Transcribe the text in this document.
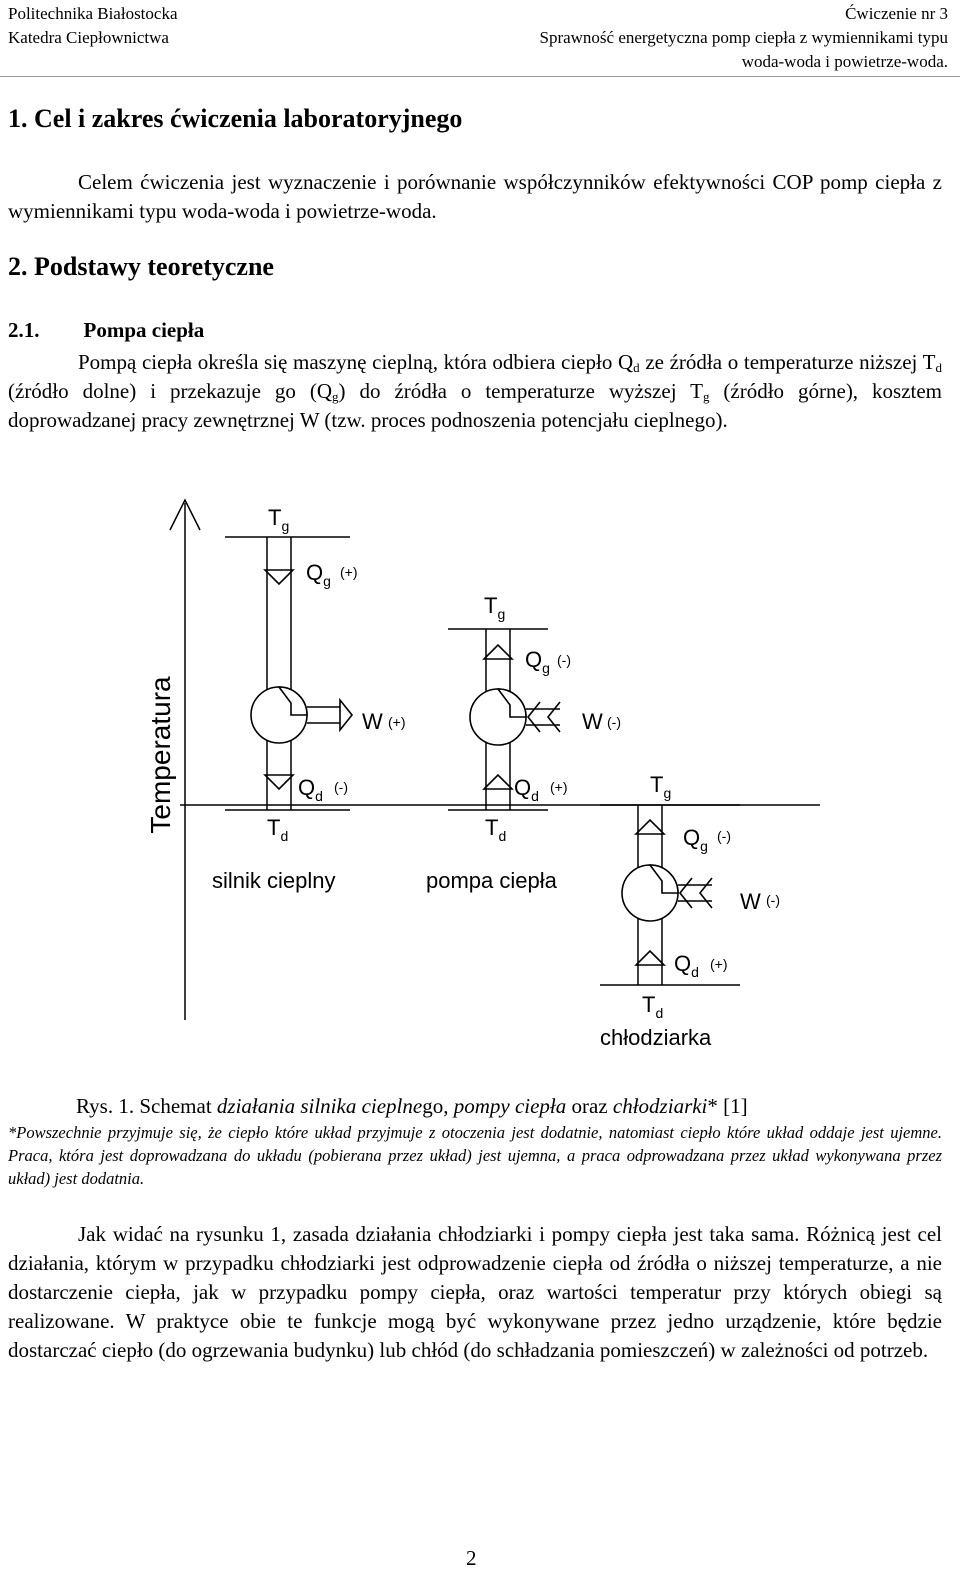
Politechnika Białostocka
Katedra Ciepłownictwa
Ćwiczenie nr 3
Sprawność energetyczna pomp ciepła z wymiennikami typu
woda-woda i powietrze-woda.
1. Cel i zakres ćwiczenia laboratoryjnego
Celem ćwiczenia jest wyznaczenie i porównanie współczynników efektywności COP pomp ciepła z wymiennikami typu woda-woda i powietrze-woda.
2. Podstawy teoretyczne
2.1. Pompa ciepła
Pompą ciepła określa się maszynę cieplną, która odbiera ciepło $Q_d$ ze źródła o temperaturze niższej $T_d$ (źródło dolne) i przekazuje go $(Q_g)$ do źródła o temperaturze wyższej $T_g$ (źródło górne), kosztem doprowadzanej pracy zewnętrznej W (tzw. proces podnoszenia potencjału cieplnego).
Temperatura
$T_g$
$Q_g$
(+)
W (+)
$Q_d$
(-)
$T_d$
silnik cieplny
$T_g$
$Q_g$ (-)
W (-)
$Q_d$
(+)
$T_d$
pompa ciepła
$T_g$
$Q_g$
(-)
W (-)
$Q_d$ (+)
$T_d$
chłodziarka
Rys. 1. Schemat działania silnika cieplnego, pompy ciepła oraz chłodziarki* [1]
*Powszechnie przyjmuje się, że ciepło które układ przyjmuje z otoczenia jest dodatnie, natomiast ciepło które układ oddaje jest ujemne. Praca, która jest doprowadzana do układu (pobierana przez układ) jest ujemna, a praca odprowadzana przez układ wykonywana przez układ) jest dodatnia.
Jak widać na rysunku 1, zasada działania chłodziarki i pompy ciepła jest taka sama. Różnicą jest cel działania, którym w przypadku chłodziarki jest odprowadzenie ciepła od źródła o niższej temperaturze, a nie dostarczenie ciepła, jak w przypadku pompy ciepła, oraz wartości temperatur przy których obiegi są realizowane. W praktyce obie te funkcje mogą być wykonywane przez jedno urządzenie, które będzie dostarczać ciepło (do ogrzewania budynku) lub chłód (do schładzania pomieszczeń) w zależności od potrzeb.
2
